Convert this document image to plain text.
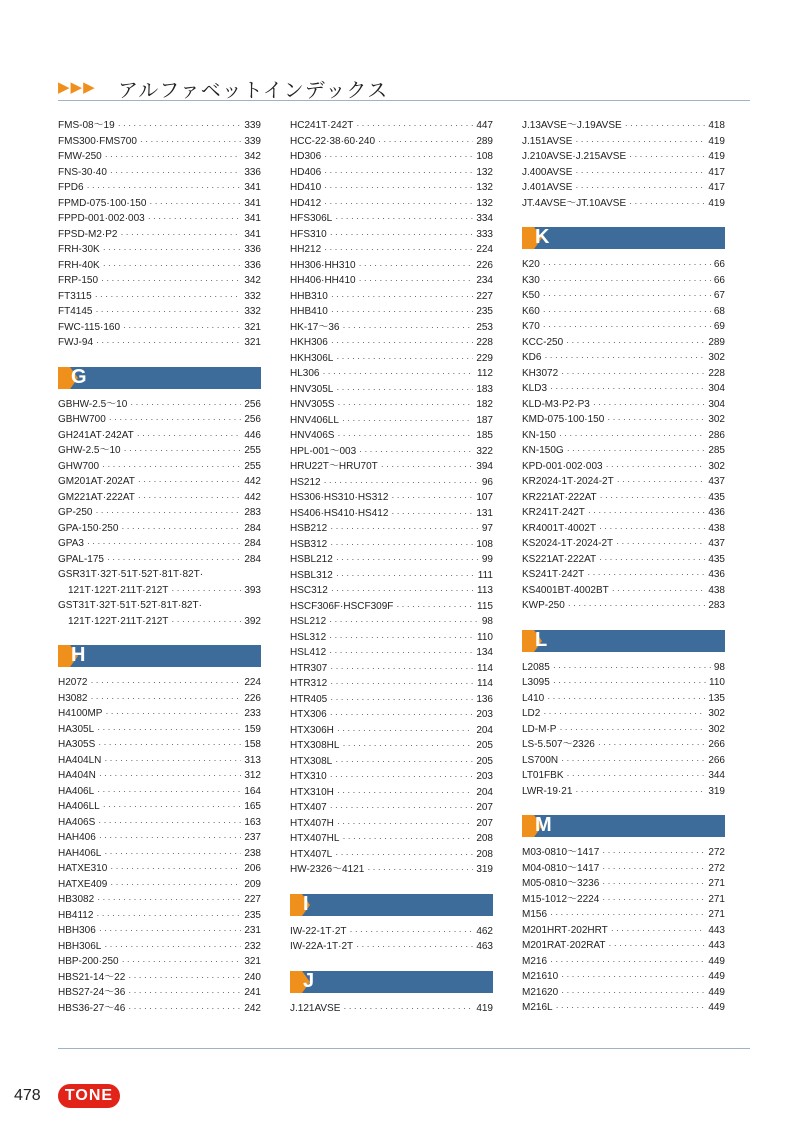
▶▶▶ アルファベットインデックス
FMS-08～19 ·····	339
FMS300·FMS700 ·····	339
FMW-250 ·····	342
FNS-30·40 ·····	336
FPD6 ·····	341
FPMD-075·100·150 ·····	341
FPPD-001·002·003 ·····	341
FPSD-M2·P2 ·····	341
FRH-30K ·····	336
FRH-40K ·····	336
FRP-150 ·····	342
FT3115 ·····	332
FT4145 ·····	332
FWC-115·160 ·····	321
FWJ-94 ·····	321
G
GBHW-2.5～10 ·····	256
GBHW700 ·····	256
GH241AT·242AT ·····	446
GHW-2.5～10 ·····	255
GHW700 ·····	255
GM201AT·202AT ·····	442
GM221AT·222AT ·····	442
GP-250 ·····	283
GPA-150·250 ·····	284
GPA3 ·····	284
GPAL-175 ·····	284
GSR31T·32T·51T·52T·81T·82T·
121T·122T·211T·212T ·····	393
GST31T·32T·51T·52T·81T·82T·
121T·122T·211T·212T ·····	392
H
H2072 ·····	224
H3082 ·····	226
H4100MP ·····	233
HA305L ·····	159
HA305S ·····	158
HA404LN ·····	313
HA404N ·····	312
HA406L ·····	164
HA406LL ·····	165
HA406S ·····	163
HAH406 ·····	237
HAH406L ·····	238
HATXE310 ·····	206
HATXE409 ·····	209
HB3082 ·····	227
HB4112 ·····	235
HBH306 ·····	231
HBH306L ·····	232
HBP-200·250 ·····	321
HBS21-14～22 ·····	240
HBS27-24～36 ·····	241
HBS36-27～46 ·····	242
HC241T·242T ·····	447
HCC-22·38·60·240 ·····	289
HD306 ·····	108
HD406 ·····	132
HD410 ·····	132
HD412 ·····	132
HFS306L ·····	334
HFS310 ·····	333
HH212 ·····	224
HH306·HH310 ·····	226
HH406·HH410 ·····	234
HHB310 ·····	227
HHB410 ·····	235
HK-17～36 ·····	253
HKH306 ·····	228
HKH306L ·····	229
HL306 ·····	112
HNV305L ·····	183
HNV305S ·····	182
HNV406LL ·····	187
HNV406S ·····	185
HPL-001～003 ·····	322
HRU22T～HRU70T ·····	394
HS212 ·····	96
HS306·HS310·HS312 ·····	107
HS406·HS410·HS412 ·····	131
HSB212 ·····	97
HSB312 ·····	108
HSBL212 ·····	99
HSBL312 ·····	111
HSC312 ·····	113
HSCF306F·HSCF309F ·····	115
HSL212 ·····	98
HSL312 ·····	110
HSL412 ·····	134
HTR307 ·····	114
HTR312 ·····	114
HTR405 ·····	136
HTX306 ·····	203
HTX306H ·····	204
HTX308HL ·····	205
HTX308L ·····	205
HTX310 ·····	203
HTX310H ·····	204
HTX407 ·····	207
HTX407H ·····	207
HTX407HL ·····	208
HTX407L ·····	208
HW-2326～4121 ·····	319
I
IW-22-1T·2T ·····	462
IW-22A-1T·2T ·····	463
J
J.121AVSE ·····	419
J.13AVSE～J.19AVSE ·····	418
J.151AVSE ·····	419
J.210AVSE·J.215AVSE ·····	419
J.400AVSE ·····	417
J.401AVSE ·····	417
JT.4AVSE～JT.10AVSE ·····	419
K
K20 ·····	66
K30 ·····	66
K50 ·····	67
K60 ·····	68
K70 ·····	69
KCC-250 ·····	289
KD6 ·····	302
KH3072 ·····	228
KLD3 ·····	304
KLD-M3·P2·P3 ·····	304
KMD-075·100·150 ·····	302
KN-150 ·····	286
KN-150G ·····	285
KPD-001·002·003 ·····	302
KR2024-1T·2024-2T ·····	437
KR221AT·222AT ·····	435
KR241T·242T ·····	436
KR4001T·4002T ·····	438
KS2024-1T·2024-2T ·····	437
KS221AT·222AT ·····	435
KS241T·242T ·····	436
KS4001BT·4002BT ·····	438
KWP-250 ·····	283
L
L2085 ·····	98
L3095 ·····	110
L410 ·····	135
LD2 ·····	302
LD-M·P ·····	302
LS-5.507～2326 ·····	266
LS700N ·····	266
LT01FBK ·····	344
LWR-19·21 ·····	319
M
M03-0810～1417 ·····	272
M04-0810～1417 ·····	272
M05-0810～3236 ·····	271
M15-1012～2224 ·····	271
M156 ·····	271
M201HRT·202HRT ·····	443
M201RAT·202RAT ·····	443
M216 ·····	449
M21610 ·····	449
M21620 ·····	449
M216L ·····	449
478	TONE
